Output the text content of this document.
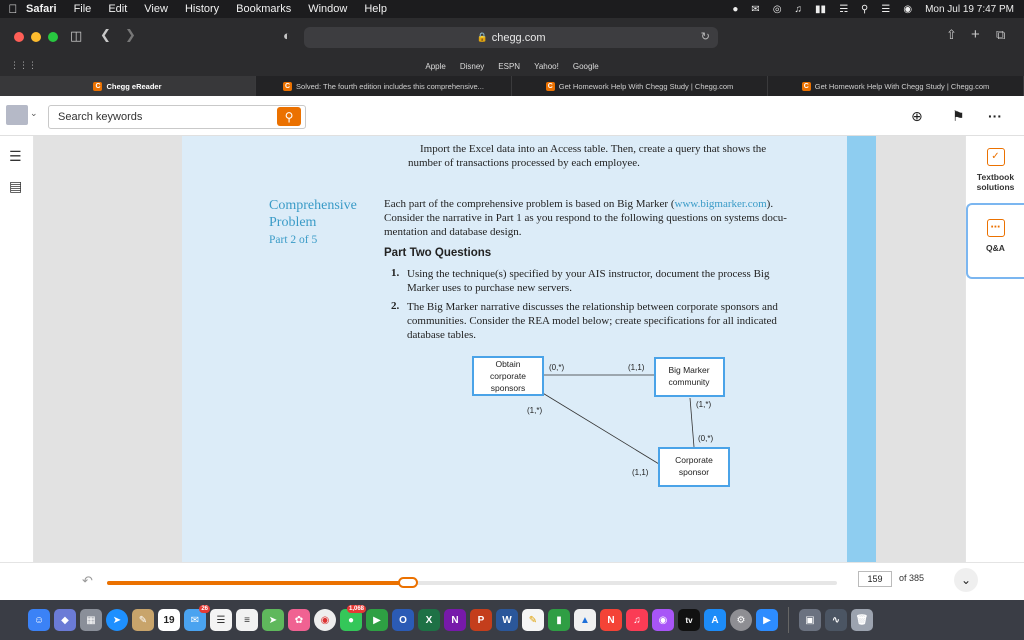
Safari File Edit View History Bookmarks Window Help	● ✉ ◎ ♫ ▮▮ ☴ ⚲ ☰ ◉ Mon Jul 19 7:47 PM
◫ ❮ ❯	◐	🔒 chegg.com	↻	⇧ + ⧉
⋮⋮⋮	Apple Disney ESPN Yahoo! Google
C Chegg eReader	C Solved: The fourth edition includes this comprehensive...	C Get Homework Help With Chegg Study | Chegg.com	C Get Homework Help With Chegg Study | Chegg.com
⌄	Search keywords	⚲	⊕ ⚑ ···
☰
▤
Import the Excel data into an Access table. Then, create a query that shows the
number of transactions processed by each employee.
Comprehensive
Problem
Part 2 of 5
Each part of the comprehensive problem is based on Big Marker (www.bigmarker.com).
Consider the narrative in Part 1 as you respond to the following questions on systems docu-
mentation and database design.
Part Two Questions
1. Using the technique(s) specified by your AIS instructor, document the process Big
Marker uses to purchase new servers.
2. The Big Marker narrative discusses the relationship between corporate sponsors and
communities. Consider the REA model below; create specifications for all indicated
database tables.
Obtain
corporate
sponsors
Big Marker
community
Corporate
sponsor
(0,*)	(1,1)
(1,*)
(1,*)
(0,*)
(1,1)
✓
Textbook
solutions
⋯
Q&A
↶	159	of 385	⌄
☺	◆	▦	➤	✎	19	✉
26
☰	≡	➤	✿	◉	●
1,068
▶	O	X	N	P	W	✎	▮	▲	N	♫	◉	tv	A	⚙	▶	▣	∿	🗑
